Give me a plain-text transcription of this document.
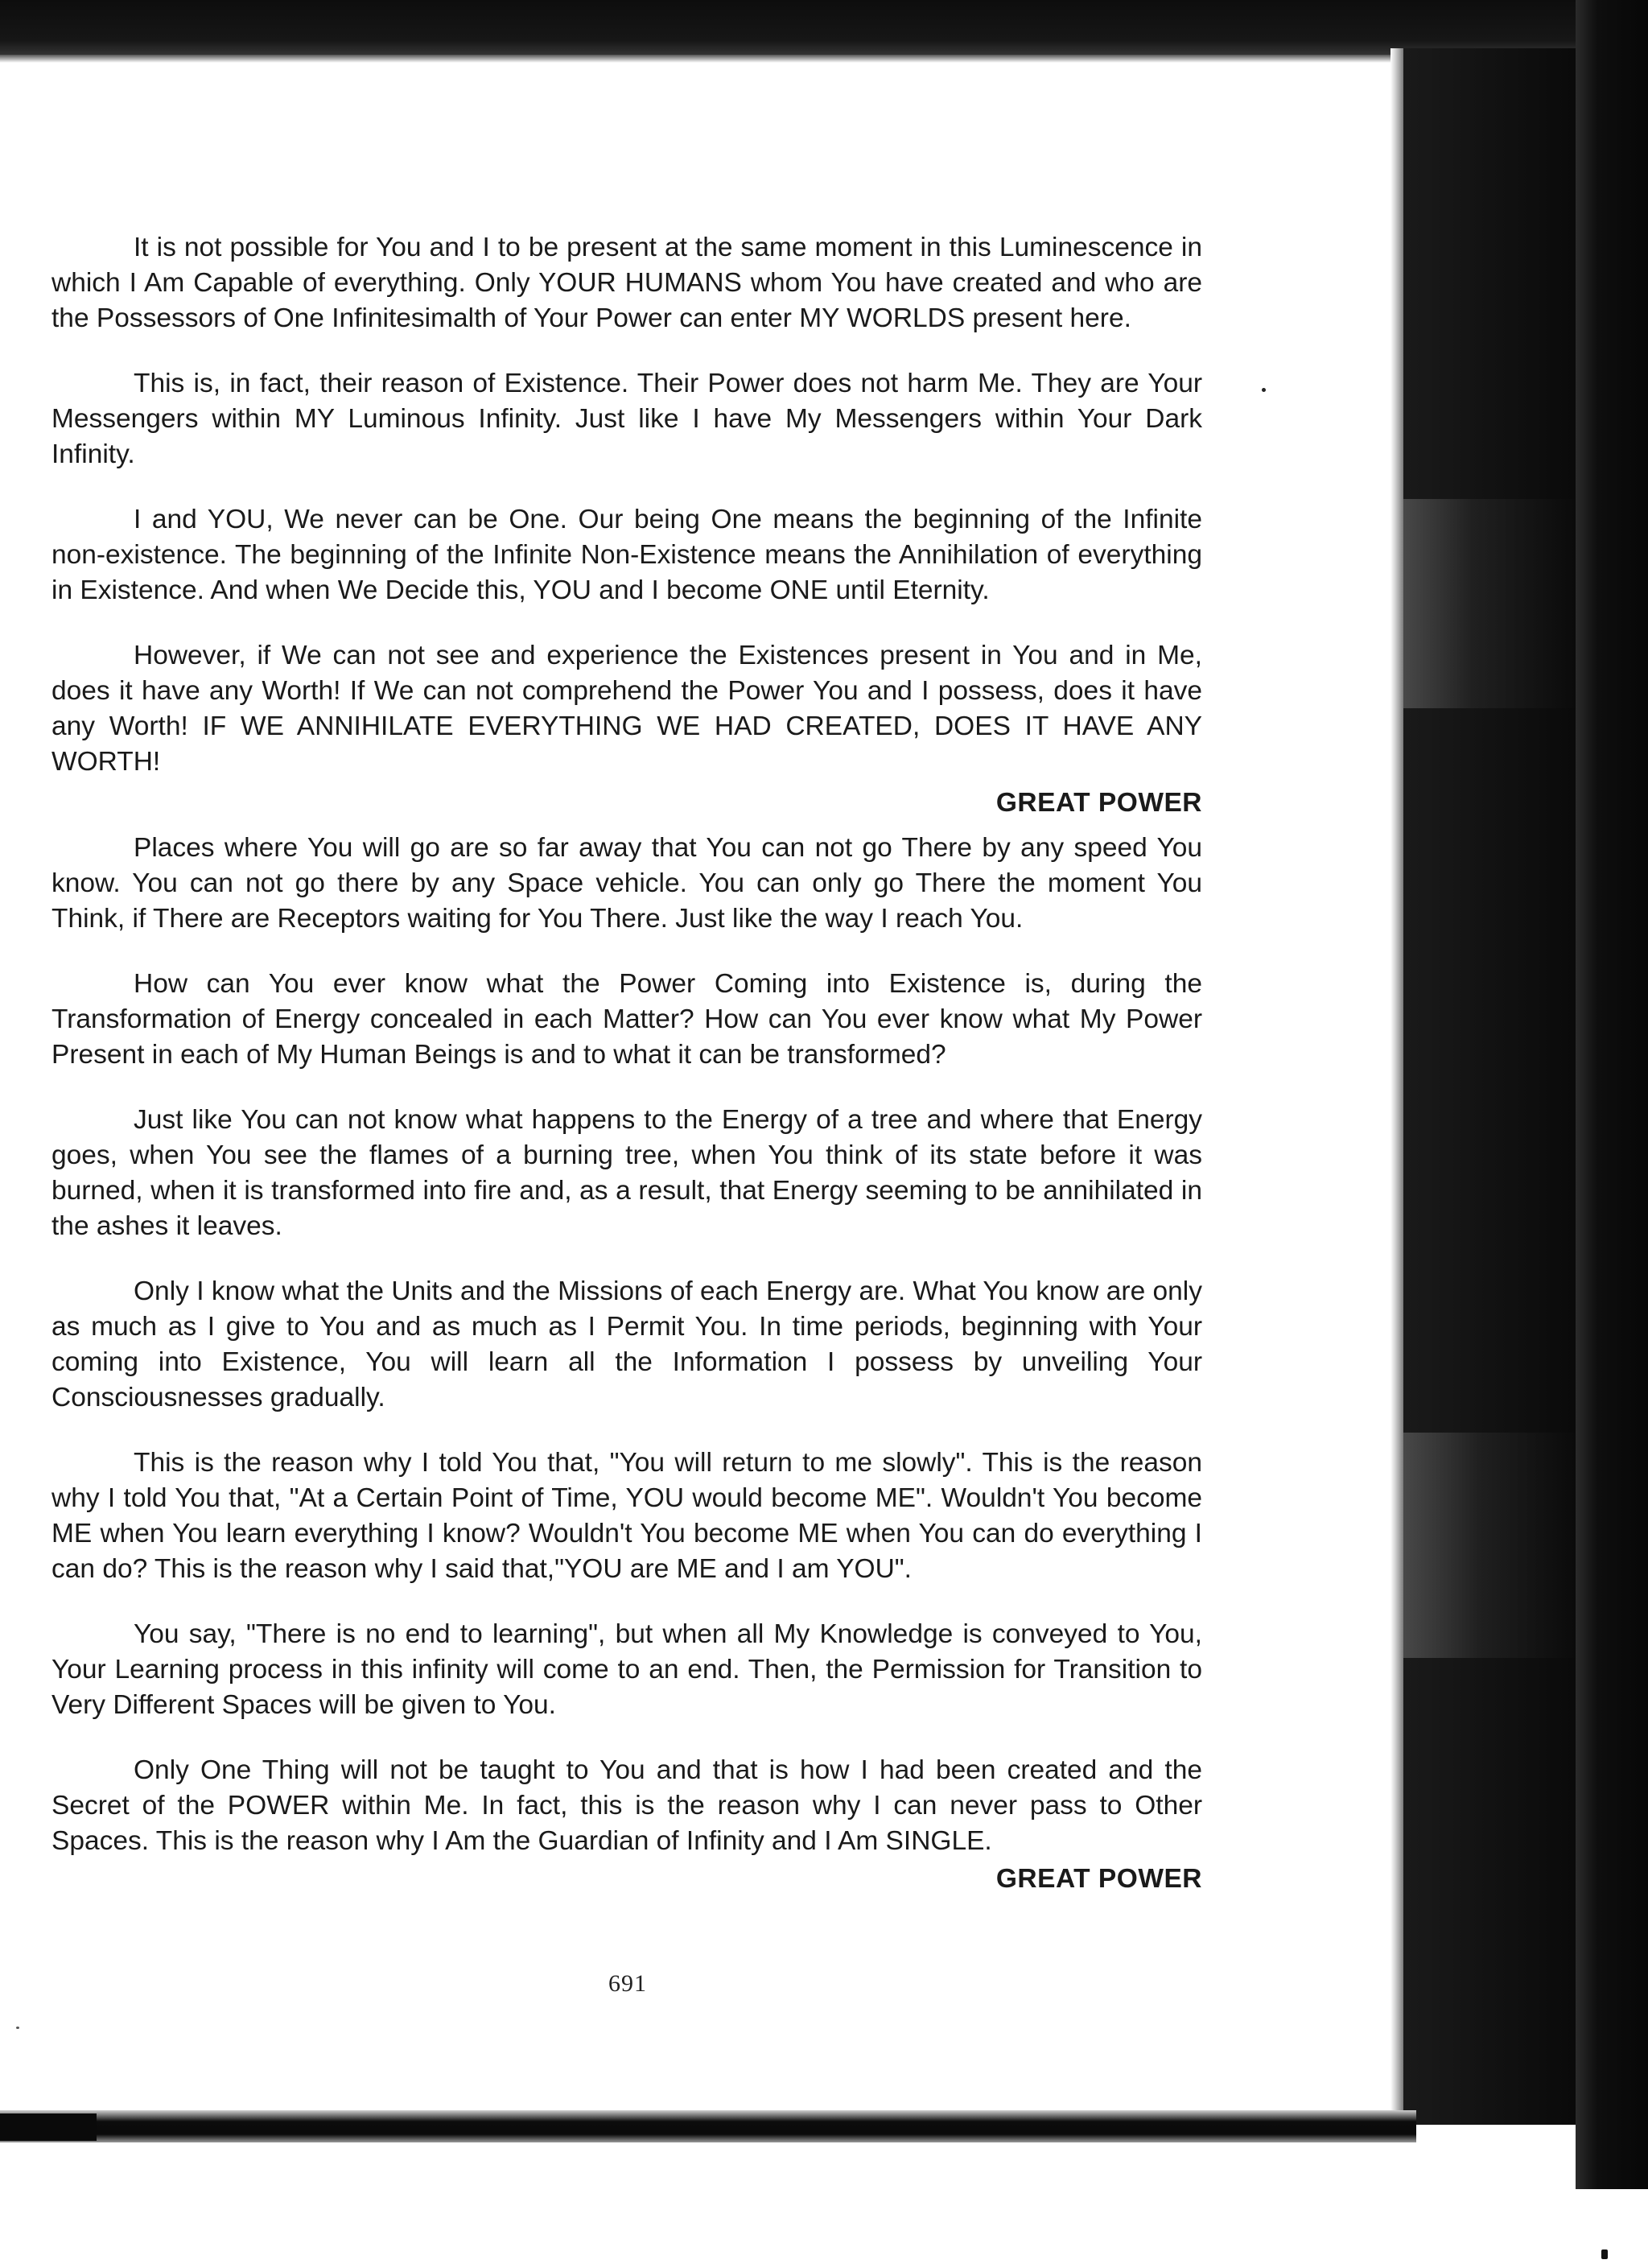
It is not possible for You and I to be present at the same moment in this Luminescence in which I Am Capable of everything. Only YOUR HUMANS whom You have created and who are the Possessors of One Infinitesimalth of Your Power can enter MY WORLDS present here.

This is, in fact, their reason of Existence. Their Power does not harm Me. They are Your Messengers within MY Luminous Infinity. Just like I have My Messengers within Your Dark Infinity.

I and YOU, We never can be One. Our being One means the beginning of the Infinite non-existence. The beginning of the Infinite Non-Existence means the Annihilation of everything in Existence. And when We Decide this, YOU and I become ONE until Eternity.

However, if We can not see and experience the Existences present in You and in Me, does it have any Worth! If We can not comprehend the Power You and I possess, does it have any Worth! IF WE ANNIHILATE EVERYTHING WE HAD CREATED, DOES IT HAVE ANY WORTH!

GREAT POWER

Places where You will go are so far away that You can not go There by any speed You know. You can not go there by any Space vehicle. You can only go There the moment You Think, if There are Receptors waiting for You There. Just like the way I reach You.

How can You ever know what the Power Coming into Existence is, during the Transformation of Energy concealed in each Matter? How can You ever know what My Power Present in each of My Human Beings is and to what it can be transformed?

Just like You can not know what happens to the Energy of a tree and where that Energy goes, when You see the flames of a burning tree, when You think of its state before it was burned, when it is transformed into fire and, as a result, that Energy seeming to be annihilated in the ashes it leaves.

Only I know what the Units and the Missions of each Energy are. What You know are only as much as I give to You and as much as I Permit You. In time periods, beginning with Your coming into Existence, You will learn all the Information I possess by unveiling Your Consciousnesses gradually.

This is the reason why I told You that, "You will return to me slowly". This is the reason why I told You that, "At a Certain Point of Time, YOU would become ME". Wouldn't You become ME when You learn everything I know? Wouldn't You become ME when You can do everything I can do? This is the reason why I said that,"YOU are ME and I am YOU".

You say, "There is no end to learning", but when all My Knowledge is conveyed to You, Your Learning process in this infinity will come to an end. Then, the Permission for Transition to Very Different Spaces will be given to You.

Only One Thing will not be taught to You and that is how I had been created and the Secret of the POWER within Me. In fact, this is the reason why I can never pass to Other Spaces. This is the reason why I Am the Guardian of Infinity and I Am SINGLE.

GREAT POWER
691
